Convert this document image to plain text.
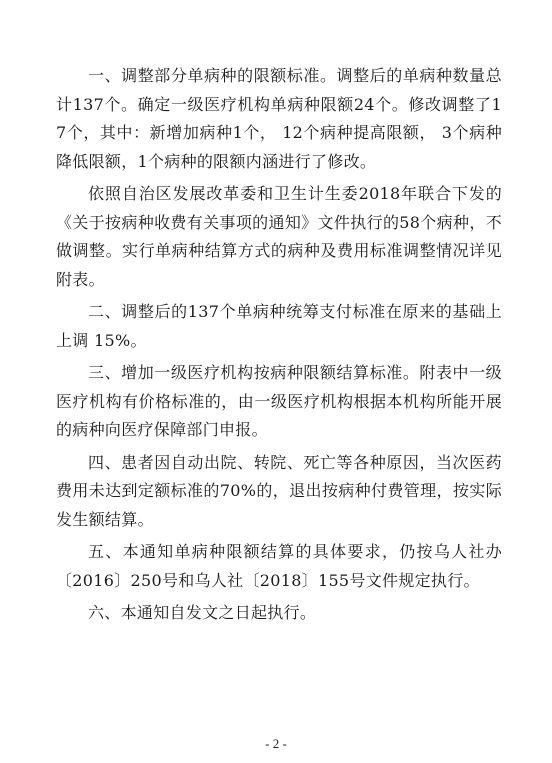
一、调整部分单病种的限额标准。调整后的单病种数量总计137个。确定一级医疗机构单病种限额24个。修改调整了17个，其中：新增加病种1个， 12个病种提高限额， 3个病种降低限额，1个病种的限额内涵进行了修改。

依照自治区发展改革委和卫生计生委2018年联合下发的《关于按病种收费有关事项的通知》文件执行的58个病种，不做调整。实行单病种结算方式的病种及费用标准调整情况详见附表。

二、调整后的137个单病种统筹支付标准在原来的基础上上调 15%。

三、增加一级医疗机构按病种限额结算标准。附表中一级医疗机构有价格标准的，由一级医疗机构根据本机构所能开展的病种向医疗保障部门申报。

四、患者因自动出院、转院、死亡等各种原因，当次医药费用未达到定额标准的70%的，退出按病种付费管理，按实际发生额结算。

五、本通知单病种限额结算的具体要求，仍按乌人社办〔2016〕250号和乌人社〔2018〕155号文件规定执行。

六、本通知自发文之日起执行。

- 2 -
